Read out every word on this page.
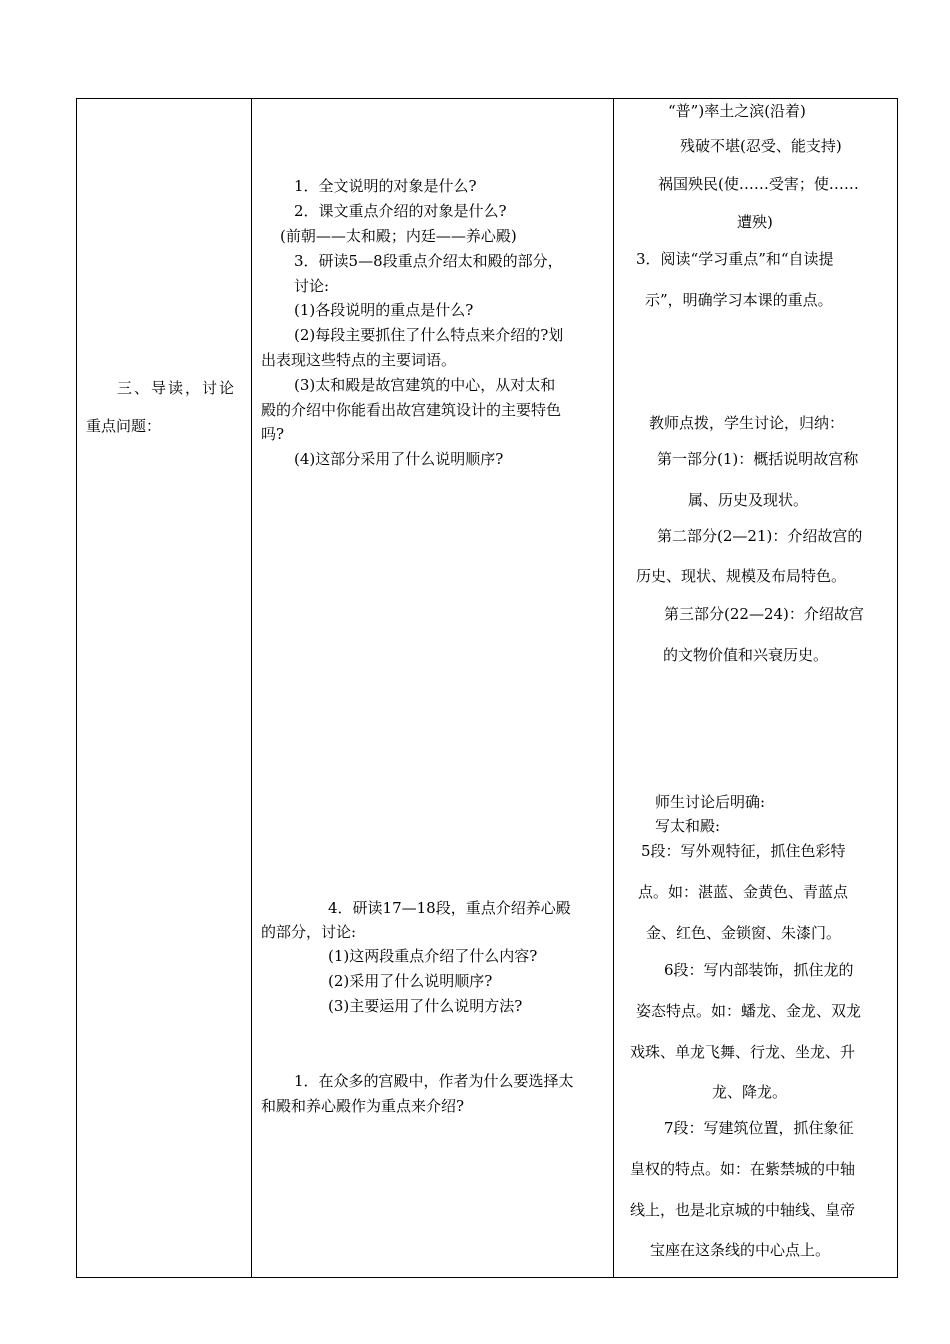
三、导读，讨论
重点问题：
1．全文说明的对象是什么?
2．课文重点介绍的对象是什么?
(前朝——太和殿；内廷——养心殿)
3．研读5—8段重点介绍太和殿的部分，
讨论:
(1)各段说明的重点是什么?
(2)每段主要抓住了什么特点来介绍的?划
出表现这些特点的主要词语。
(3)太和殿是故宫建筑的中心，从对太和
殿的介绍中你能看出故宫建筑设计的主要特色
吗?
(4)这部分采用了什么说明顺序?
4．研读17—18段，重点介绍养心殿
的部分，讨论:
(1)这两段重点介绍了什么内容?
(2)采用了什么说明顺序?
(3)主要运用了什么说明方法?
1．在众多的宫殿中，作者为什么要选择太
和殿和养心殿作为重点来介绍?
“普”)率土之滨(沿着)
残破不堪(忍受、能支持)
祸国殃民(使……受害；使……
遭殃)
3．阅读“学习重点”和“自读提
示”，明确学习本课的重点。
教师点拨，学生讨论，归纳：
第一部分(1)：概括说明故宫称
属、历史及现状。
第二部分(2—21)：介绍故宫的
历史、现状、规模及布局特色。
第三部分(22—24)：介绍故宫
的文物价值和兴衰历史。
师生讨论后明确:
写太和殿:
5段：写外观特征，抓住色彩特
点。如：湛蓝、金黄色、青蓝点
金、红色、金锁窗、朱漆门。
6段：写内部装饰，抓住龙的
姿态特点。如：蟠龙、金龙、双龙
戏珠、单龙飞舞、行龙、坐龙、升
龙、降龙。
7段：写建筑位置，抓住象征
皇权的特点。如：在紫禁城的中轴
线上，也是北京城的中轴线、皇帝
宝座在这条线的中心点上。
